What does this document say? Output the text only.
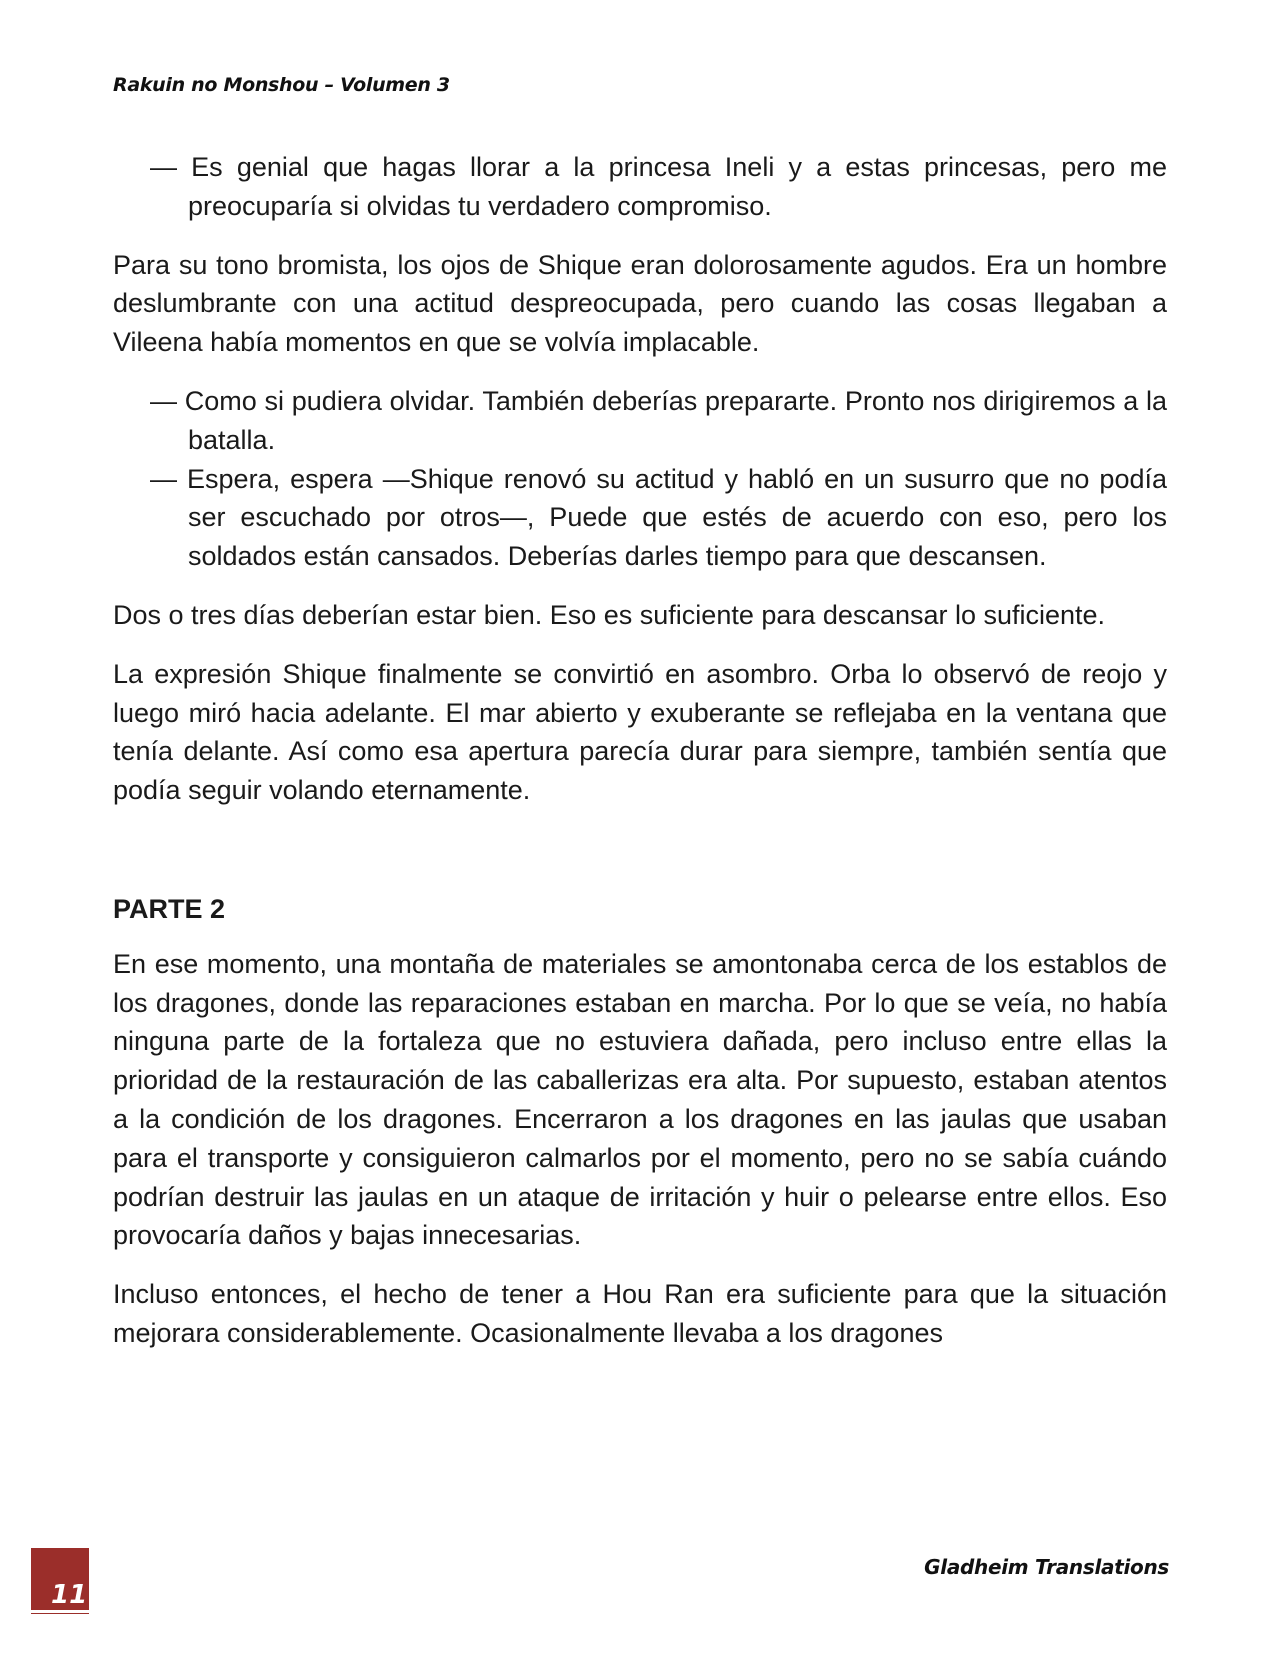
Rakuin no Monshou – Volumen 3

— Es genial que hagas llorar a la princesa Ineli y a estas princesas, pero me preocuparía si olvidas tu verdadero compromiso.

Para su tono bromista, los ojos de Shique eran dolorosamente agudos. Era un hombre deslumbrante con una actitud despreocupada, pero cuando las cosas llegaban a Vileena había momentos en que se volvía implacable.

— Como si pudiera olvidar. También deberías prepararte. Pronto nos dirigiremos a la batalla.

— Espera, espera —Shique renovó su actitud y habló en un susurro que no podía ser escuchado por otros—, Puede que estés de acuerdo con eso, pero los soldados están cansados. Deberías darles tiempo para que descansen.

Dos o tres días deberían estar bien. Eso es suficiente para descansar lo suficiente.

La expresión Shique finalmente se convirtió en asombro. Orba lo observó de reojo y luego miró hacia adelante. El mar abierto y exuberante se reflejaba en la ventana que tenía delante. Así como esa apertura parecía durar para siempre, también sentía que podía seguir volando eternamente.

PARTE 2

En ese momento, una montaña de materiales se amontonaba cerca de los establos de los dragones, donde las reparaciones estaban en marcha. Por lo que se veía, no había ninguna parte de la fortaleza que no estuviera dañada, pero incluso entre ellas la prioridad de la restauración de las caballerizas era alta. Por supuesto, estaban atentos a la condición de los dragones. Encerraron a los dragones en las jaulas que usaban para el transporte y consiguieron calmarlos por el momento, pero no se sabía cuándo podrían destruir las jaulas en un ataque de irritación y huir o pelearse entre ellos. Eso provocaría daños y bajas innecesarias.

Incluso entonces, el hecho de tener a Hou Ran era suficiente para que la situación mejorara considerablemente. Ocasionalmente llevaba a los dragones

11
Gladheim Translations
